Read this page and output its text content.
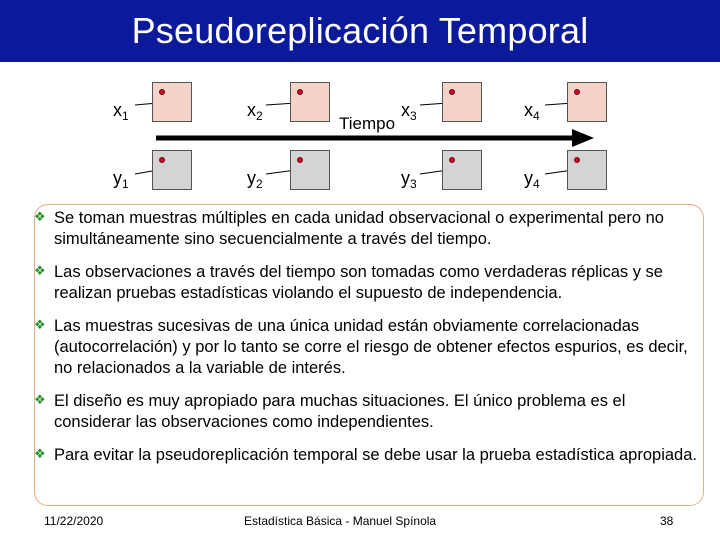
Pseudoreplicación Temporal
$x_1$	$x_2$	$x_3$	$x_4$
$y_1$	$y_2$	$y_3$	$y_4$
Tiempo
❖ Se toman muestras múltiples en cada unidad observacional o experimental pero no simultáneamente sino secuencialmente a través del tiempo.
❖ Las observaciones a través del tiempo son tomadas como verdaderas réplicas y se realizan pruebas estadísticas violando el supuesto de independencia.
❖ Las muestras sucesivas de una única unidad están obviamente correlacionadas (autocorrelación) y por lo tanto se corre el riesgo de obtener efectos espurios, es decir, no relacionados a la variable de interés.
❖ El diseño es muy apropiado para muchas situaciones. El único problema es el considerar las observaciones como independientes.
❖ Para evitar la pseudoreplicación temporal se debe usar la prueba estadística apropiada.
11/22/2020	Estadística Básica - Manuel Spínola	38
